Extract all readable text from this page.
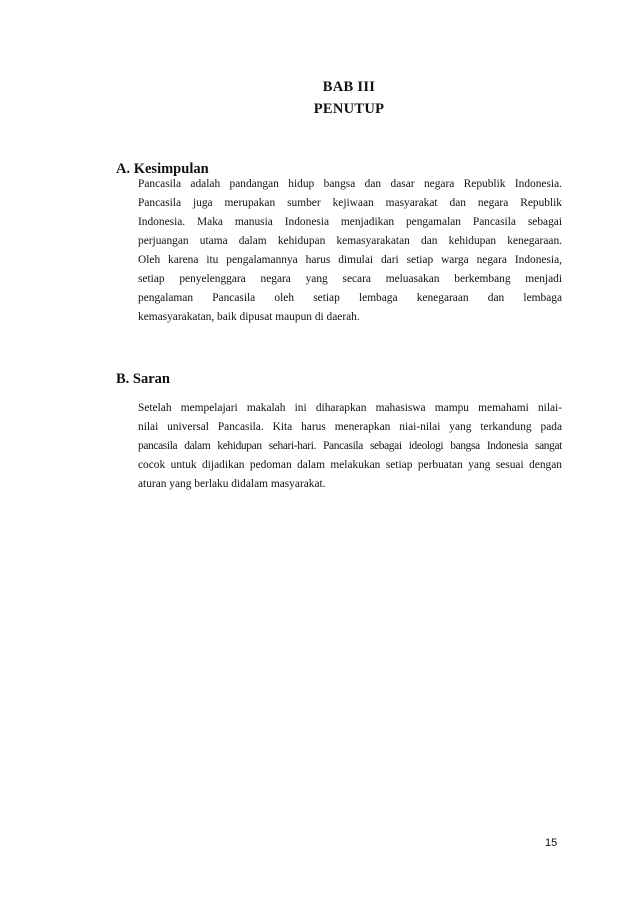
BAB III
PENUTUP
A. Kesimpulan
Pancasila adalah pandangan hidup bangsa dan dasar negara Republik Indonesia.
Pancasila juga merupakan sumber kejiwaan masyarakat dan negara Republik
Indonesia. Maka manusia Indonesia menjadikan pengamalan Pancasila sebagai
perjuangan utama dalam kehidupan kemasyarakatan dan kehidupan kenegaraan.
Oleh karena itu pengalamannya harus dimulai dari setiap warga negara Indonesia,
setiap penyelenggara negara yang secara meluasakan berkembang menjadi
pengalaman Pancasila oleh setiap lembaga kenegaraan dan lembaga
kemasyarakatan, baik dipusat maupun di daerah.
B. Saran
Setelah mempelajari makalah ini diharapkan mahasiswa mampu memahami nilai-
nilai universal Pancasila. Kita harus menerapkan niai-nilai yang terkandung pada
pancasila dalam kehidupan sehari-hari. Pancasila sebagai ideologi bangsa Indonesia sangat
cocok untuk dijadikan pedoman dalam melakukan setiap perbuatan yang sesuai dengan
aturan yang berlaku didalam masyarakat.
15
